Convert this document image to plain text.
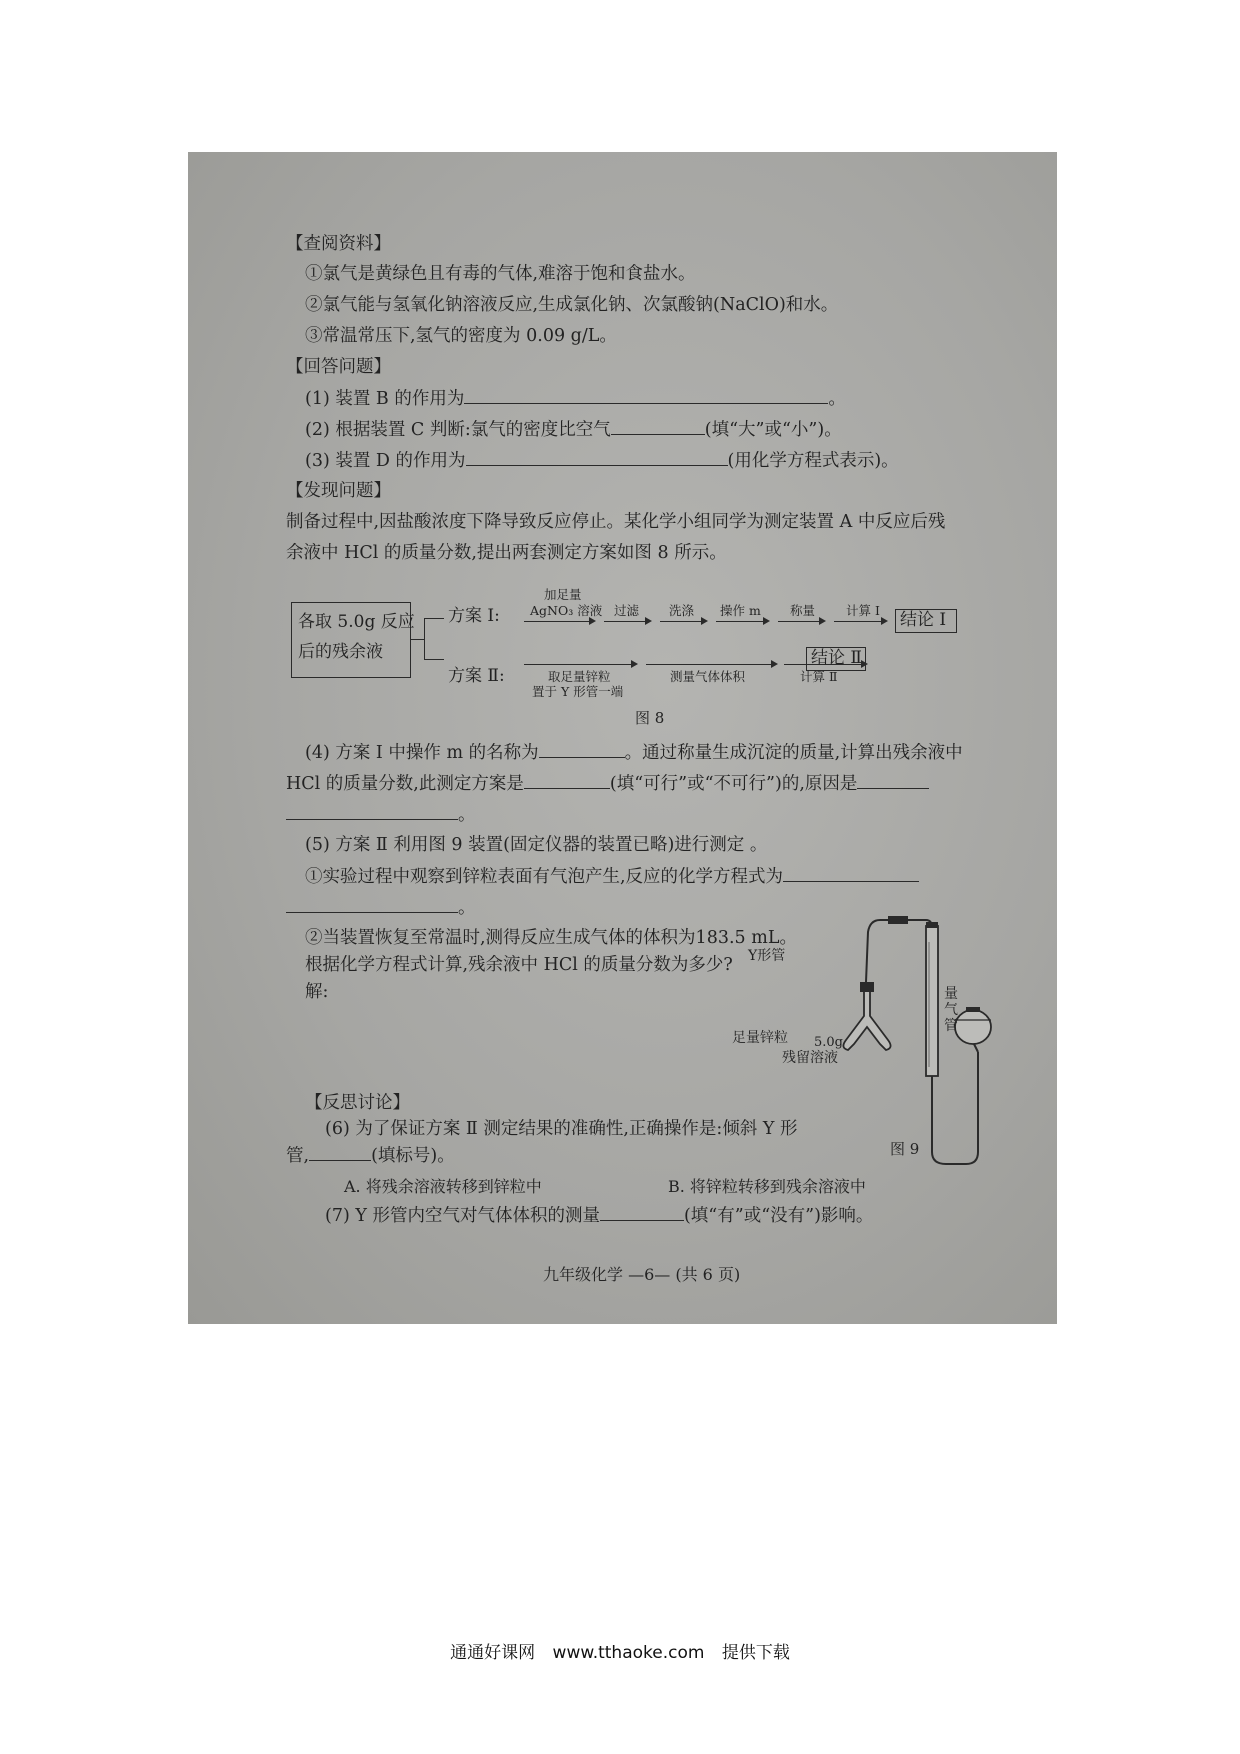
【查阅资料】
①氯气是黄绿色且有毒的气体,难溶于饱和食盐水。
②氯气能与氢氧化钠溶液反应,生成氯化钠、次氯酸钠(NaClO)和水。
③常温常压下,氢气的密度为 0.09 g/L。
【回答问题】
(1) 装置 B 的作用为	。
(2) 根据装置 C 判断:氯气的密度比空气	(填“大”或“小”)。
(3) 装置 D 的作用为	(用化学方程式表示)。
【发现问题】
制备过程中,因盐酸浓度下降导致反应停止。某化学小组同学为测定装置 A 中反应后残
余液中 HCl 的质量分数,提出两套测定方案如图 8 所示。
各取 5.0g 反应
后的残余液
方案 Ⅰ:
加足量
AgNO₃ 溶液 过滤 洗涤 操作 m 称量 计算 Ⅰ 结论 Ⅰ
方案 Ⅱ:	取足量锌粒
置于 Y 形管一端
测量气体体积	计算 Ⅱ
结论 Ⅱ
图 8
(4) 方案 Ⅰ 中操作 m 的名称为	。通过称量生成沉淀的质量,计算出残余液中
HCl 的质量分数,此测定方案是	(填“可行”或“不可行”)的,原因是
。
(5) 方案 Ⅱ 利用图 9 装置(固定仪器的装置已略)进行测定 。
①实验过程中观察到锌粒表面有气泡产生,反应的化学方程式为
。
②当装置恢复至常温时,测得反应生成气体的体积为183.5 mL。
根据化学方程式计算,残余液中 HCl 的质量分数为多少?
解:
Y形管
量气管
足量锌粒 5.0g
残留溶液
图 9
【反思讨论】
(6) 为了保证方案 Ⅱ 测定结果的准确性,正确操作是:倾斜 Y 形
管,	(填标号)。
A. 将残余溶液转移到锌粒中	B. 将锌粒转移到残余溶液中
(7) Y 形管内空气对气体体积的测量	(填“有”或“没有”)影响。
九年级化学 —6— (共 6 页)
通通好课网 www.tthaoke.com 提供下载
